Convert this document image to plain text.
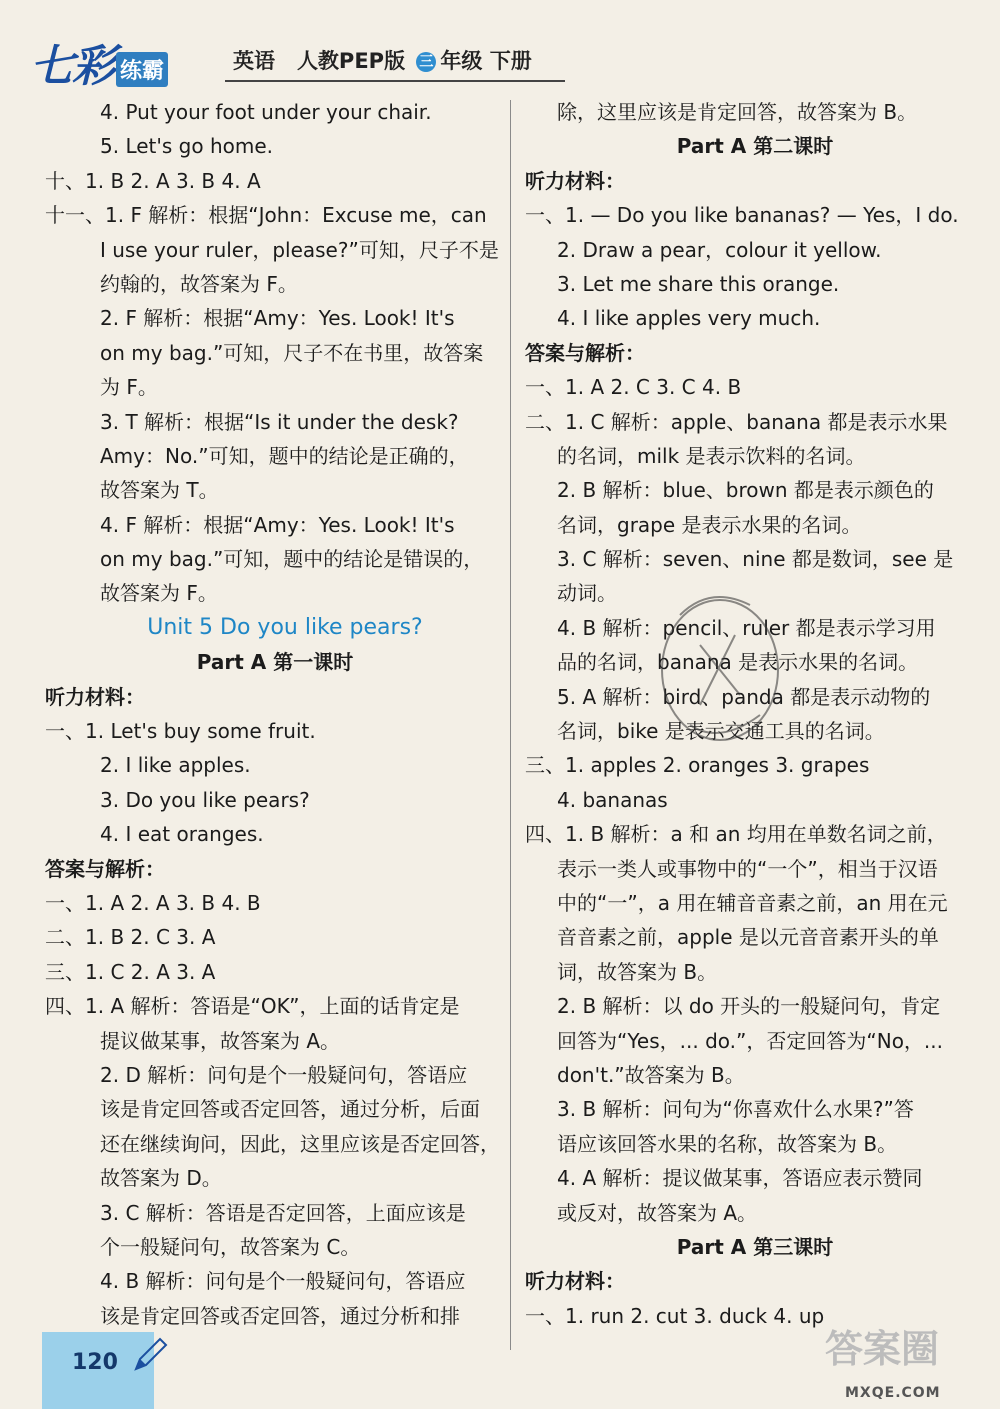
七彩 练霸	英语 人教PEP版 三 年级 下册
4. Put your foot under your chair.
5. Let's go home.
十、1. B 2. A 3. B 4. A
十一、1. F 解析：根据“John：Excuse me，can
I use your ruler，please?”可知，尺子不是
约翰的，故答案为 F。
2. F 解析：根据“Amy：Yes. Look! It's
on my bag.”可知，尺子不在书里，故答案
为 F。
3. T 解析：根据“Is it under the desk?
Amy：No.”可知，题中的结论是正确的，
故答案为 T。
4. F 解析：根据“Amy：Yes. Look! It's
on my bag.”可知，题中的结论是错误的，
故答案为 F。
Unit 5 Do you like pears?
Part A 第一课时
听力材料：
一、1. Let's buy some fruit.
2. I like apples.
3. Do you like pears?
4. I eat oranges.
答案与解析：
一、1. A 2. A 3. B 4. B
二、1. B 2. C 3. A
三、1. C 2. A 3. A
四、1. A 解析：答语是“OK”，上面的话肯定是
提议做某事，故答案为 A。
2. D 解析：问句是个一般疑问句，答语应
该是肯定回答或否定回答，通过分析，后面
还在继续询问，因此，这里应该是否定回答，
故答案为 D。
3. C 解析：答语是否定回答，上面应该是
个一般疑问句，故答案为 C。
4. B 解析：问句是个一般疑问句，答语应
该是肯定回答或否定回答，通过分析和排
除，这里应该是肯定回答，故答案为 B。
Part A 第二课时
听力材料：
一、1. — Do you like bananas? — Yes，I do.
2. Draw a pear，colour it yellow.
3. Let me share this orange.
4. I like apples very much.
答案与解析：
一、1. A 2. C 3. C 4. B
二、1. C 解析：apple、banana 都是表示水果
的名词，milk 是表示饮料的名词。
2. B 解析：blue、brown 都是表示颜色的
名词，grape 是表示水果的名词。
3. C 解析：seven、nine 都是数词，see 是
动词。
4. B 解析：pencil、ruler 都是表示学习用
品的名词，banana 是表示水果的名词。
5. A 解析：bird、panda 都是表示动物的
名词，bike 是表示交通工具的名词。
三、1. apples 2. oranges 3. grapes
4. bananas
四、1. B 解析：a 和 an 均用在单数名词之前，
表示一类人或事物中的“一个”，相当于汉语
中的“一”，a 用在辅音音素之前，an 用在元
音音素之前，apple 是以元音音素开头的单
词，故答案为 B。
2. B 解析：以 do 开头的一般疑问句，肯定
回答为“Yes，... do.”，否定回答为“No，...
don't.”故答案为 B。
3. B 解析：问句为“你喜欢什么水果?”答
语应该回答水果的名称，故答案为 B。
4. A 解析：提议做某事，答语应表示赞同
或反对，故答案为 A。
Part A 第三课时
听力材料：
一、1. run 2. cut 3. duck 4. up
120	答案圈
MXQE.COM
